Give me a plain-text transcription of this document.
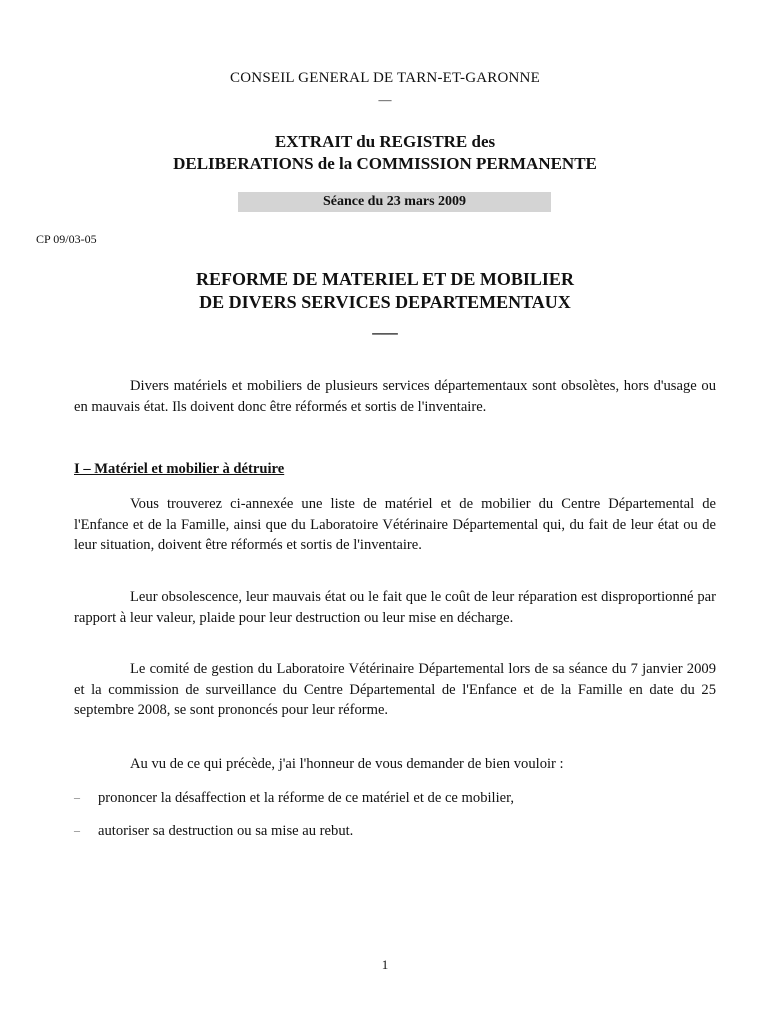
CONSEIL GENERAL DE TARN-ET-GARONNE
—
EXTRAIT du REGISTRE des
DELIBERATIONS de la COMMISSION PERMANENTE
Séance du 23 mars 2009
CP 09/03-05
REFORME DE MATERIEL ET DE MOBILIER
DE DIVERS SERVICES DEPARTEMENTAUX
___

Divers matériels et mobiliers de plusieurs services départementaux sont obsolètes, hors d'usage ou en mauvais état. Ils doivent donc être réformés et sortis de l'inventaire.

I – Matériel et mobilier à détruire

Vous trouverez ci-annexée une liste de matériel et de mobilier du Centre Départemental de l'Enfance et de la Famille, ainsi que du Laboratoire Vétérinaire Départemental qui, du fait de leur état ou de leur situation, doivent être réformés et sortis de l'inventaire.

Leur obsolescence, leur mauvais état ou le fait que le coût de leur réparation est disproportionné par rapport à leur valeur, plaide pour leur destruction ou leur mise en décharge.

Le comité de gestion du Laboratoire Vétérinaire Départemental lors de sa séance du 7 janvier 2009 et la commission de surveillance du Centre Départemental de l'Enfance et de la Famille en date du 25 septembre 2008, se sont prononcés pour leur réforme.

Au vu de ce qui précède, j'ai l'honneur de vous demander de bien vouloir :

– prononcer la désaffection et la réforme de ce matériel et de ce mobilier,
– autoriser sa destruction ou sa mise au rebut.
1
